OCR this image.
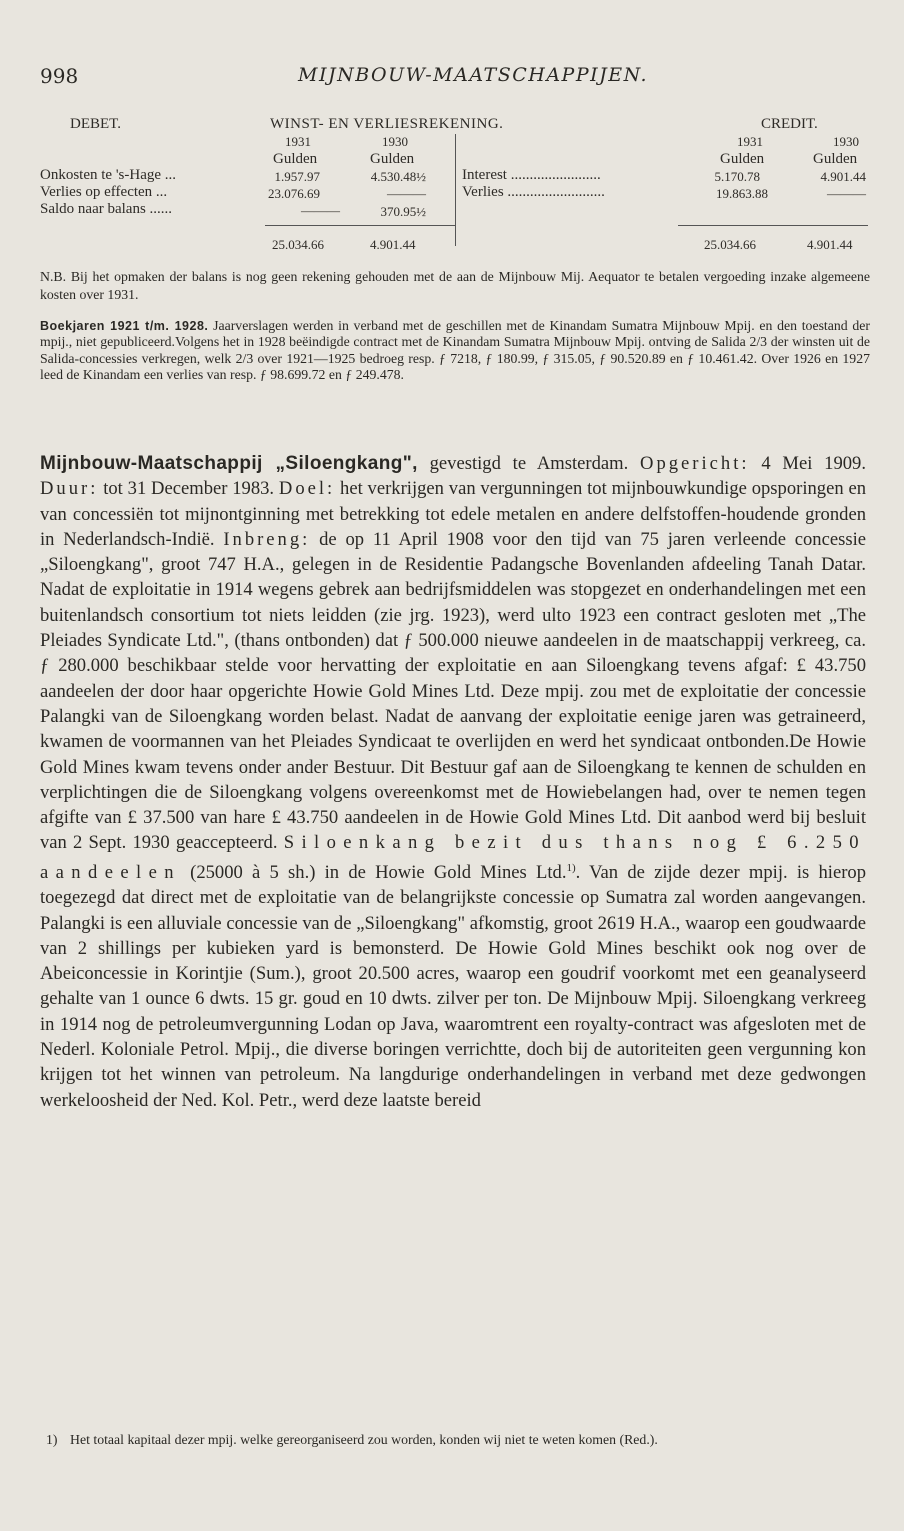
998	MIJNBOUW-MAATSCHAPPIJEN.
DEBET.	WINST- EN VERLIESREKENING.	CREDIT.
1931	1930	1931	1930
Gulden	Gulden	Gulden	Gulden
Onkosten te 's-Hage ...	1.957.97	4.530.48½
Verlies op effecten ...	23.076.69	———
Saldo naar balans ......	———	370.95½
Interest ........................	5.170.78	4.901.44
Verlies ..........................	19.863.88	———
25.034.66	4.901.44	25.034.66	4.901.44

N.B. Bij het opmaken der balans is nog geen rekening gehouden met de aan de Mijnbouw Mij. Aequator te betalen vergoeding inzake algemeene kosten over 1931.

Boekjaren 1921 t/m. 1928. Jaarverslagen werden in verband met de geschillen met de Kinandam Sumatra Mijnbouw Mpij. en den toestand der mpij., niet gepubliceerd.Volgens het in 1928 beëindigde contract met de Kinandam Sumatra Mijnbouw Mpij. ontving de Salida 2/3 der winsten uit de Salida-concessies verkregen, welk 2/3 over 1921—1925 bedroeg resp. ƒ 7218, ƒ 180.99, ƒ 315.05, ƒ 90.520.89 en ƒ 10.461.42. Over 1926 en 1927 leed de Kinandam een verlies van resp. ƒ 98.699.72 en ƒ 249.478.

Mijnbouw-Maatschappij „Siloengkang", gevestigd te Amsterdam. Opgericht: 4 Mei 1909. Duur: tot 31 December 1983. Doel: het verkrijgen van vergunningen tot mijnbouwkundige opsporingen en van concessiën tot mijnontginning met betrekking tot edele metalen en andere delfstoffen-houdende gronden in Nederlandsch-Indië. Inbreng: de op 11 April 1908 voor den tijd van 75 jaren verleende concessie „Siloengkang", groot 747 H.A., gelegen in de Residentie Padangsche Bovenlanden afdeeling Tanah Datar. Nadat de exploitatie in 1914 wegens gebrek aan bedrijfsmiddelen was stopgezet en onderhandelingen met een buitenlandsch consortium tot niets leidden (zie jrg. 1923), werd ulto 1923 een contract gesloten met „The Pleiades Syndicate Ltd.", (thans ontbonden) dat ƒ 500.000 nieuwe aandeelen in de maatschappij verkreeg, ca. ƒ 280.000 beschikbaar stelde voor hervatting der exploitatie en aan Siloengkang tevens afgaf: £ 43.750 aandeelen der door haar opgerichte Howie Gold Mines Ltd. Deze mpij. zou met de exploitatie der concessie Palangki van de Siloengkang worden belast. Nadat de aanvang der exploitatie eenige jaren was getraineerd, kwamen de voormannen van het Pleiades Syndicaat te overlijden en werd het syndicaat ontbonden.De Howie Gold Mines kwam tevens onder ander Bestuur. Dit Bestuur gaf aan de Siloengkang te kennen de schulden en verplichtingen die de Siloengkang volgens overeenkomst met de Howiebelangen had, over te nemen tegen afgifte van £ 37.500 van hare £ 43.750 aandeelen in de Howie Gold Mines Ltd. Dit aanbod werd bij besluit van 2 Sept. 1930 geaccepteerd. Siloenkang bezit dus thans nog £ 6.250 aandeelen (25000 à 5 sh.) in de Howie Gold Mines Ltd.$^{1)}$. Van de zijde dezer mpij. is hierop toegezegd dat direct met de exploitatie van de belangrijkste concessie op Sumatra zal worden aangevangen. Palangki is een alluviale concessie van de „Siloengkang" afkomstig, groot 2619 H.A., waarop een goudwaarde van 2 shillings per kubieken yard is bemonsterd. De Howie Gold Mines beschikt ook nog over de Abeiconcessie in Korintjie (Sum.), groot 20.500 acres, waarop een goudrif voorkomt met een geanalyseerd gehalte van 1 ounce 6 dwts. 15 gr. goud en 10 dwts. zilver per ton. De Mijnbouw Mpij. Siloengkang verkreeg in 1914 nog de petroleumvergunning Lodan op Java, waaromtrent een royalty-contract was afgesloten met de Nederl. Koloniale Petrol. Mpij., die diverse boringen verrichtte, doch bij de autoriteiten geen vergunning kon krijgen tot het winnen van petroleum. Na langdurige onderhandelingen in verband met deze gedwongen werkeloosheid der Ned. Kol. Petr., werd deze laatste bereid

1) Het totaal kapitaal dezer mpij. welke gereorganiseerd zou worden, konden wij niet te weten komen (Red.).
